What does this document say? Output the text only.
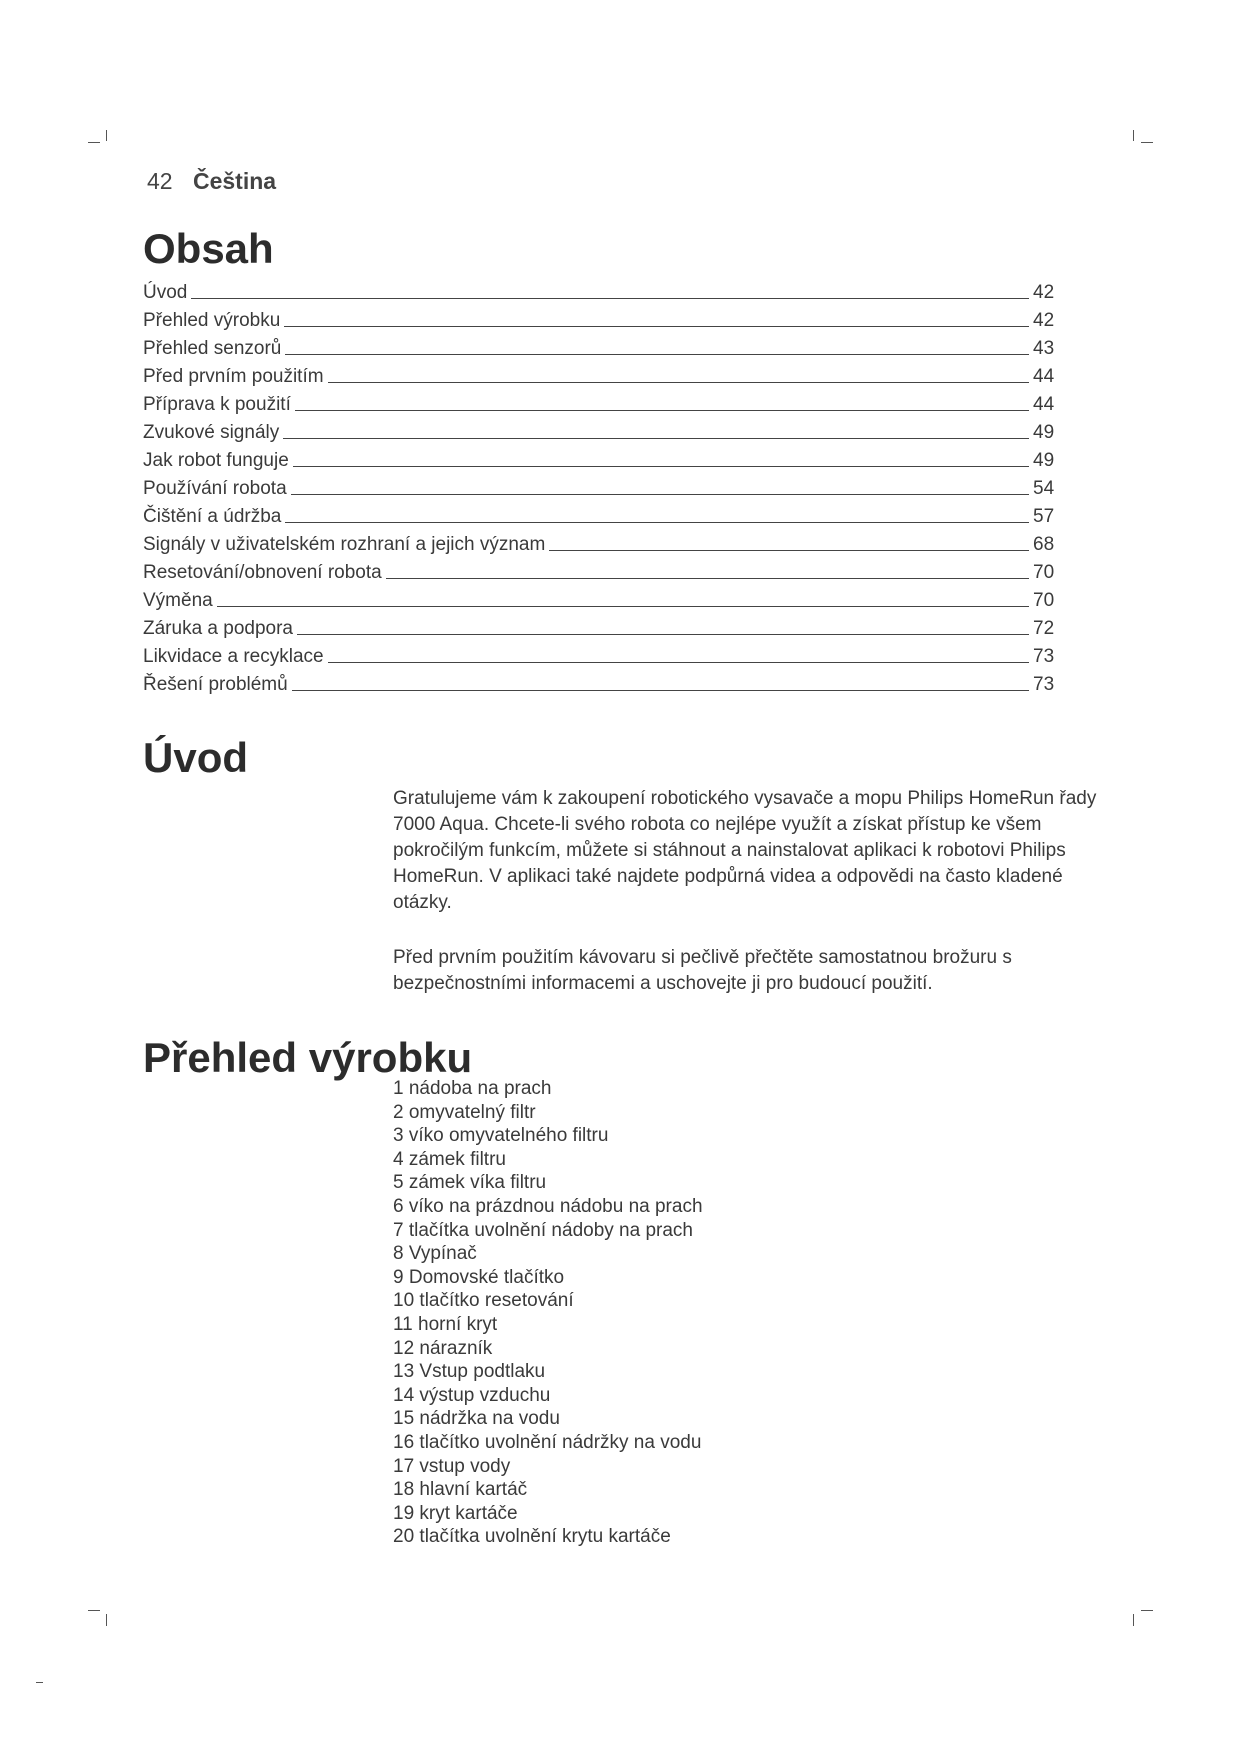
42 Čeština
Obsah
Úvod	42
Přehled výrobku	42
Přehled senzorů	43
Před prvním použitím	44
Příprava k použití	44
Zvukové signály	49
Jak robot funguje	49
Používání robota	54
Čištění a údržba	57
Signály v uživatelském rozhraní a jejich význam	68
Resetování/obnovení robota	70
Výměna	70
Záruka a podpora	72
Likvidace a recyklace	73
Řešení problémů	73
Úvod

Gratulujeme vám k zakoupení robotického vysavače a mopu Philips HomeRun řady 7000 Aqua. Chcete-li svého robota co nejlépe využít a získat přístup ke všem pokročilým funkcím, můžete si stáhnout a nainstalovat aplikaci k robotovi Philips HomeRun. V aplikaci také najdete podpůrná videa a odpovědi na často kladené otázky.

Před prvním použitím kávovaru si pečlivě přečtěte samostatnou brožuru s bezpečnostními informacemi a uschovejte ji pro budoucí použití.

Přehled výrobku
1 nádoba na prach
2 omyvatelný filtr
3 víko omyvatelného filtru
4 zámek filtru
5 zámek víka filtru
6 víko na prázdnou nádobu na prach
7 tlačítka uvolnění nádoby na prach
8 Vypínač
9 Domovské tlačítko
10 tlačítko resetování
11 horní kryt
12 nárazník
13 Vstup podtlaku
14 výstup vzduchu
15 nádržka na vodu
16 tlačítko uvolnění nádržky na vodu
17 vstup vody
18 hlavní kartáč
19 kryt kartáče
20 tlačítka uvolnění krytu kartáče
